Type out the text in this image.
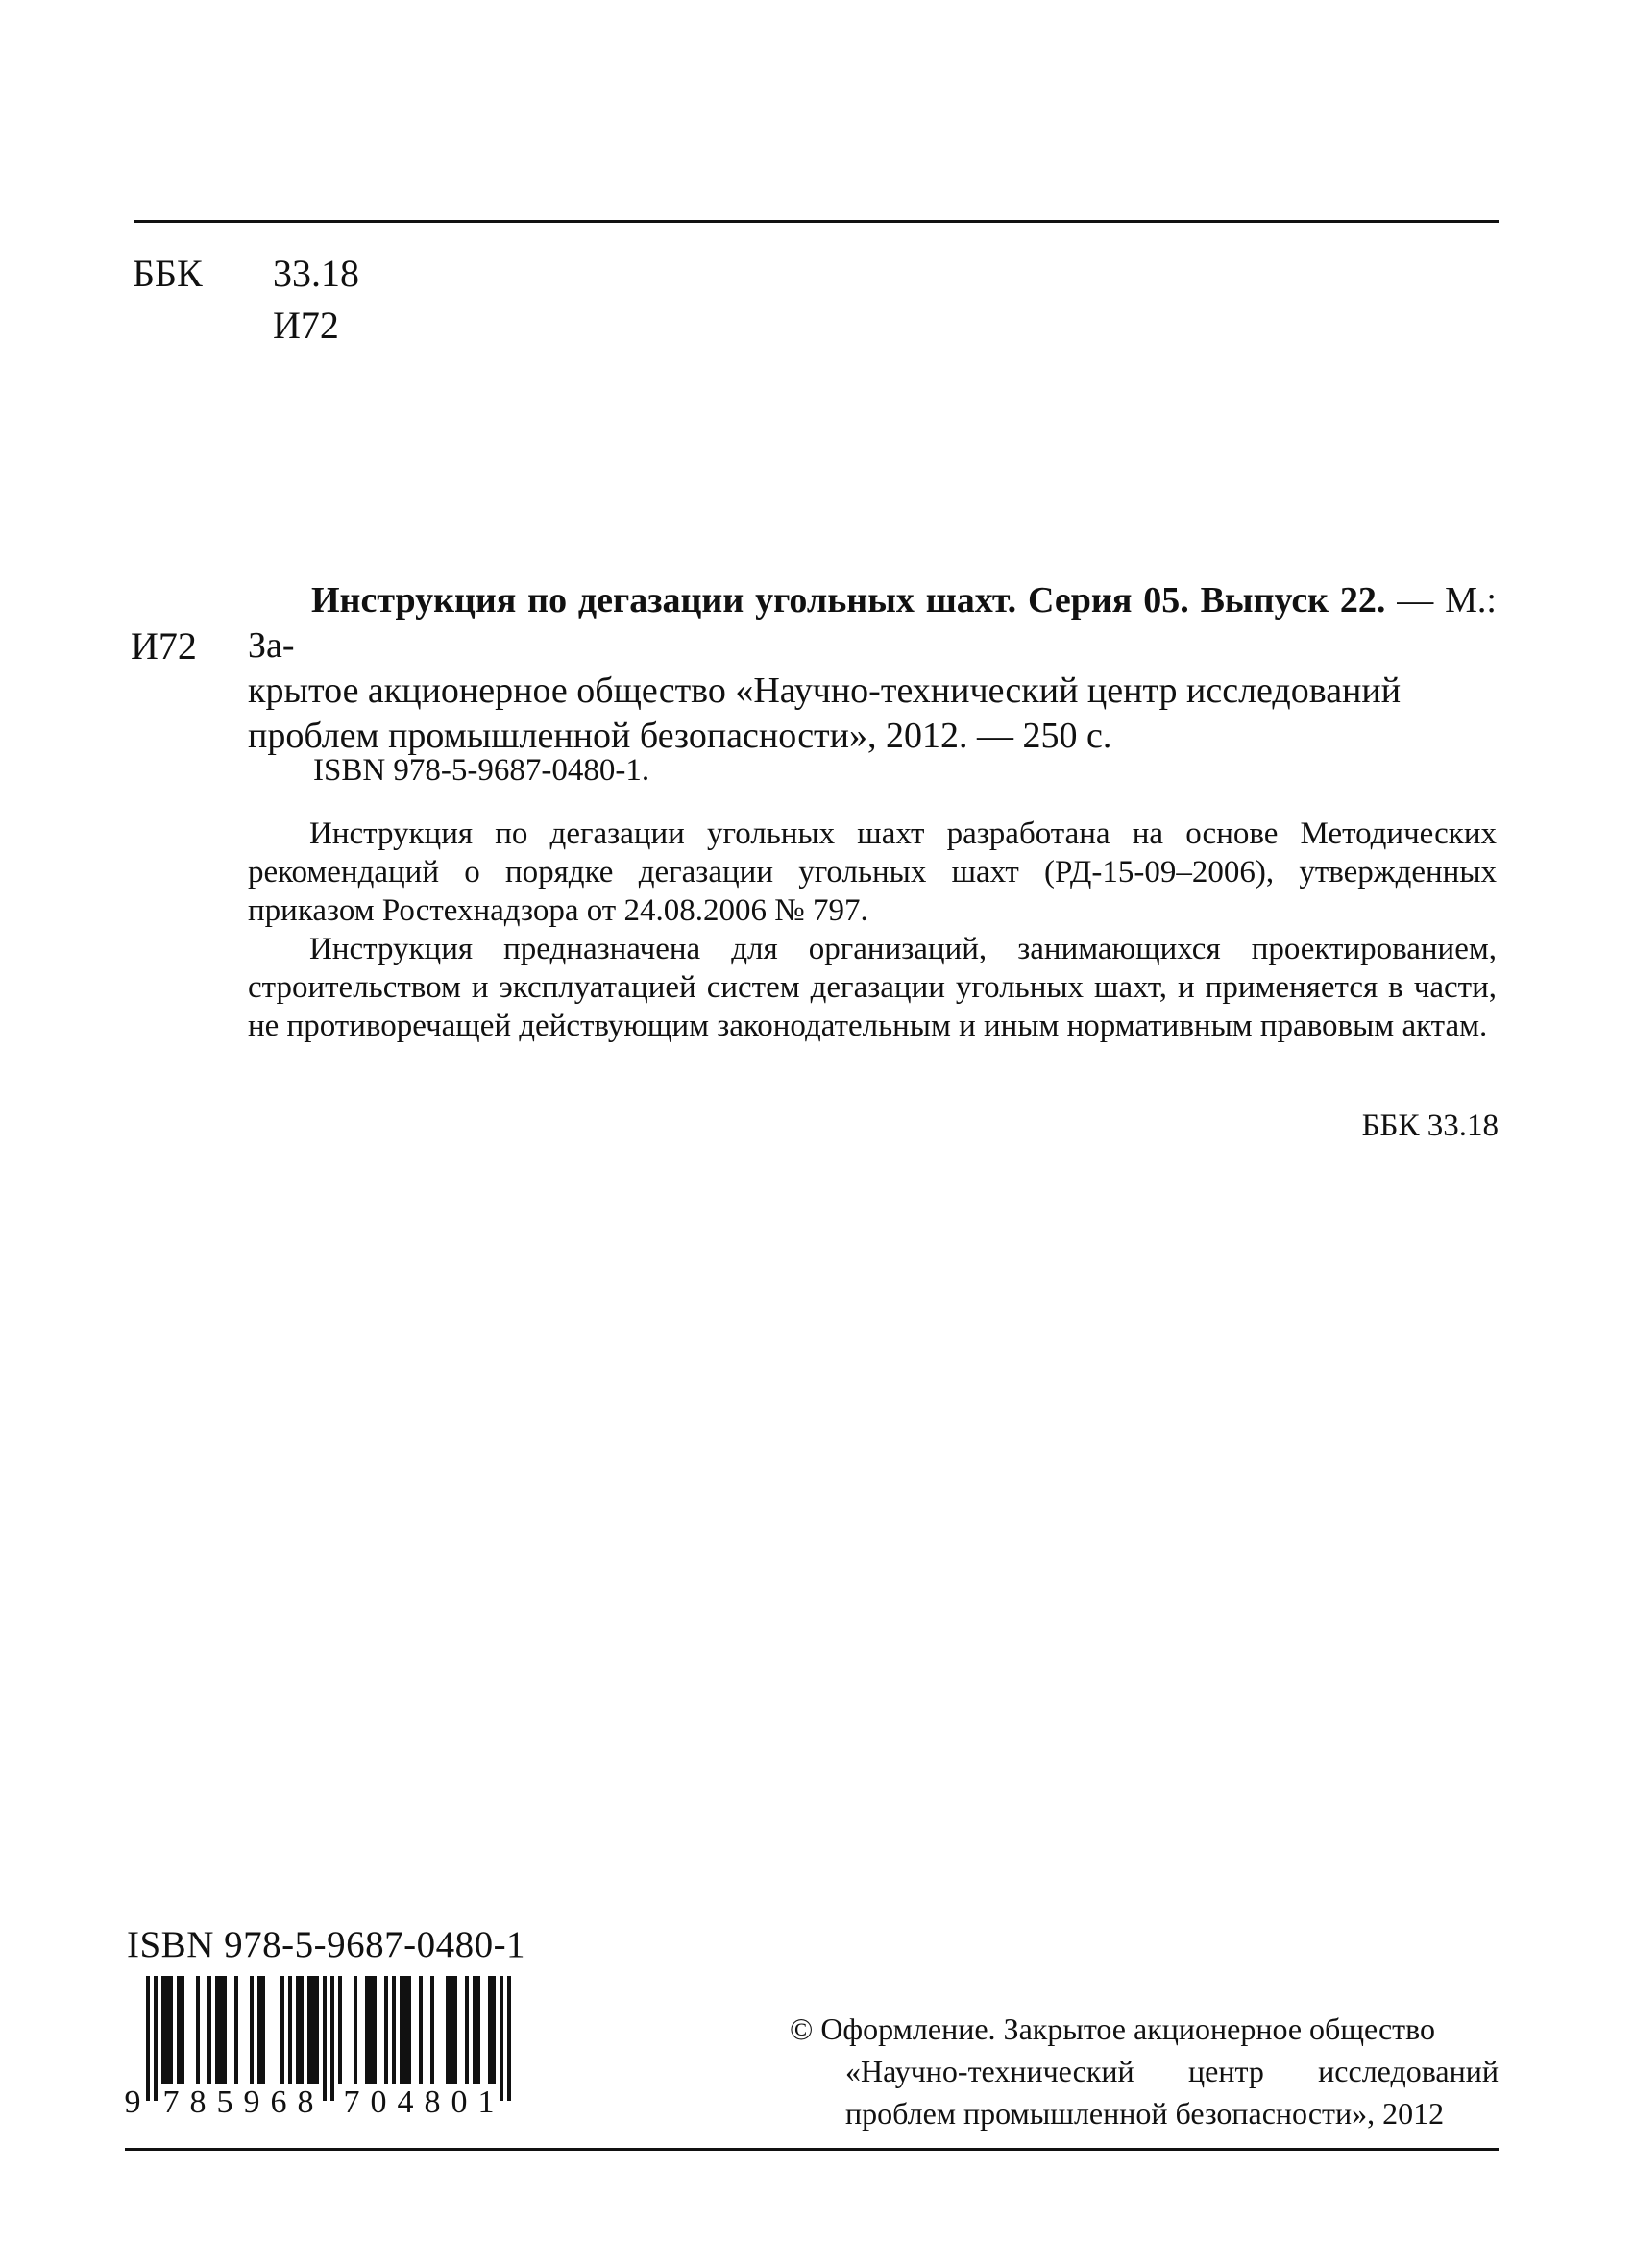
ББК	33.18
И72
И72
Инструкция по дегазации угольных шахт. Серия 05. Выпуск 22. — М.: За-
крытое акционерное общество «Научно-технический центр исследований
проблем промышленной безопасности», 2012. — 250 с.
ISBN 978-5-9687-0480-1.

Инструкция по дегазации угольных шахт разработана на основе Методических рекомендаций о порядке дегазации угольных шахт (РД-15-09–2006), утвержденных приказом Ростехнадзора от 24.08.2006 № 797.

Инструкция предназначена для организаций, занимающихся проектированием, строительством и эксплуатацией систем дегазации угольных шахт, и применяется в части, не противоречащей действующим законодательным и иным нормативным правовым актам.

ББК 33.18
ISBN 978-5-9687-0480-1
9 7 8 5 9 6 8 7 0 4 8 0 1
© Оформление. Закрытое акционерное общество
«Научно-технический центр исследований
проблем промышленной безопасности», 2012
